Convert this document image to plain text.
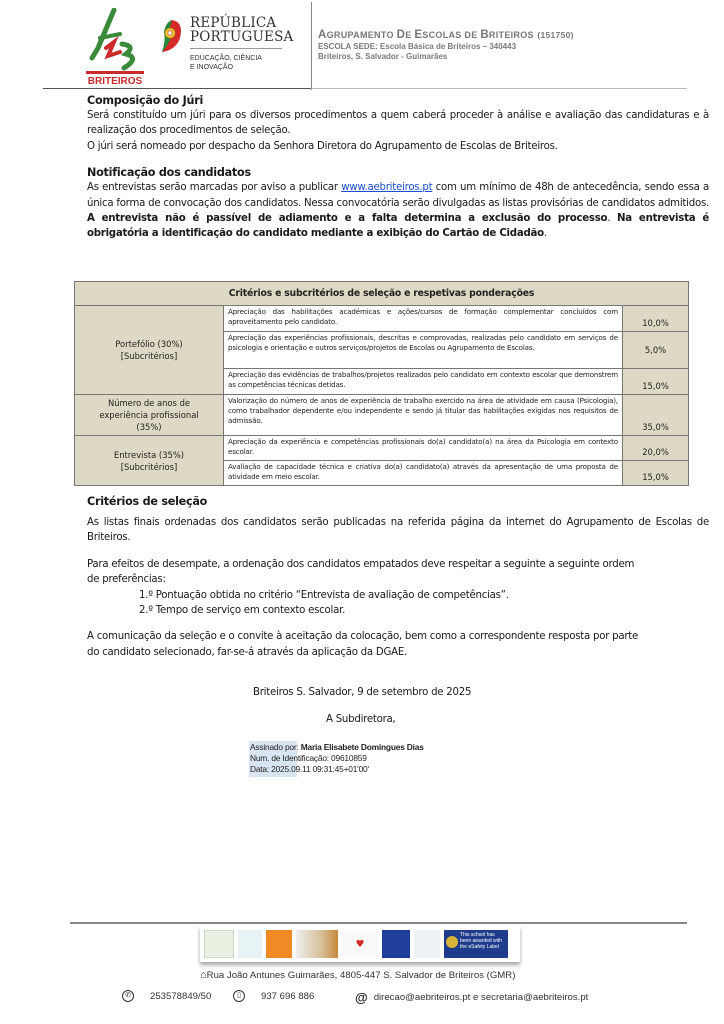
BRITEIROS
REPÚBLICA
PORTUGUESA
EDUCAÇÃO, CIÊNCIA
E INOVAÇÃO
AGRUPAMENTO DE ESCOLAS DE BRITEIROS (151750)
ESCOLA SEDE: Escola Básica de Briteiros – 340443
Briteiros, S. Salvador - Guimarães
Composição do Júri
Será constituído um júri para os diversos procedimentos a quem caberá proceder à análise e avaliação das candidaturas e à realização dos procedimentos de seleção.
O júri será nomeado por despacho da Senhora Diretora do Agrupamento de Escolas de Briteiros.
Notificação dos candidatos
As entrevistas serão marcadas por aviso a publicar www.aebriteiros.pt com um mínimo de 48h de antecedência, sendo essa a única forma de convocação dos candidatos. Nessa convocatória serão divulgadas as listas provisórias de candidatos admitidos. A entrevista não é passível de adiamento e a falta determina a exclusão do processo. Na entrevista é obrigatória a identificação do candidato mediante a exibição do Cartão de Cidadão.
Critérios e subcritérios de seleção e respetivas ponderações		

Portefólio (30%)
[Subcritérios]	Apreciação das habilitações académicas e ações/cursos de formação complementar concluídos com aproveitamento pelo candidato.	10,0%
	Apreciação das experiências profissionais, descritas e comprovadas, realizadas pelo candidato em serviços de psicologia e orientação e outros serviços/projetos de Escolas ou Agrupamento de Escolas.	5,0%
	Apreciação das evidências de trabalhos/projetos realizados pelo candidato em contexto escolar que demonstrem as competências técnicas detidas.	15,0%

Número de anos de
experiência profissional
(35%)
	Valorização do número de anos de experiência de trabalho exercido na área de atividade em causa (Psicologia), como trabalhador dependente e/ou independente e sendo já titular das habilitações exigidas nos requisitos de admissão.	35,0%

Entrevista (35%)
[Subcritérios]	Apreciação da experiência e competências profissionais do(a) candidato(a) na área da Psicologia em contexto escolar.	20,0%
	Avaliação de capacidade técnica e criativa do(a) candidato(a) através da apresentação de uma proposta de atividade em meio escolar.	15,0%
Critérios de seleção
As listas finais ordenadas dos candidatos serão publicadas na referida página da internet do Agrupamento de Escolas de Briteiros.
Para efeitos de desempate, a ordenação dos candidatos empatados deve respeitar a seguinte a seguinte ordem de preferências:
1.º Pontuação obtida no critério “Entrevista de avaliação de competências”.
2.º Tempo de serviço em contexto escolar.
A comunicação da seleção e o convite à aceitação da colocação, bem como a correspondente resposta por parte do candidato selecionado, far-se-á através da aplicação da DGAE.
Briteiros S. Salvador, 9 de setembro de 2025
A Subdiretora,
Assinado por: Maria Elisabete Domingues Dias
Num. de Identificação: 09610859
Data: 2025.09.11 09:31:45+01'00'
♥
This school has been awarded with the eSafety Label
⌂Rua João Antunes Guimarães, 4805-447 S. Salvador de Briteiros (GMR)
✆	253578849/50	▯	937 696 886	@ direcao@aebriteiros.pt e secretaria@aebriteiros.pt
